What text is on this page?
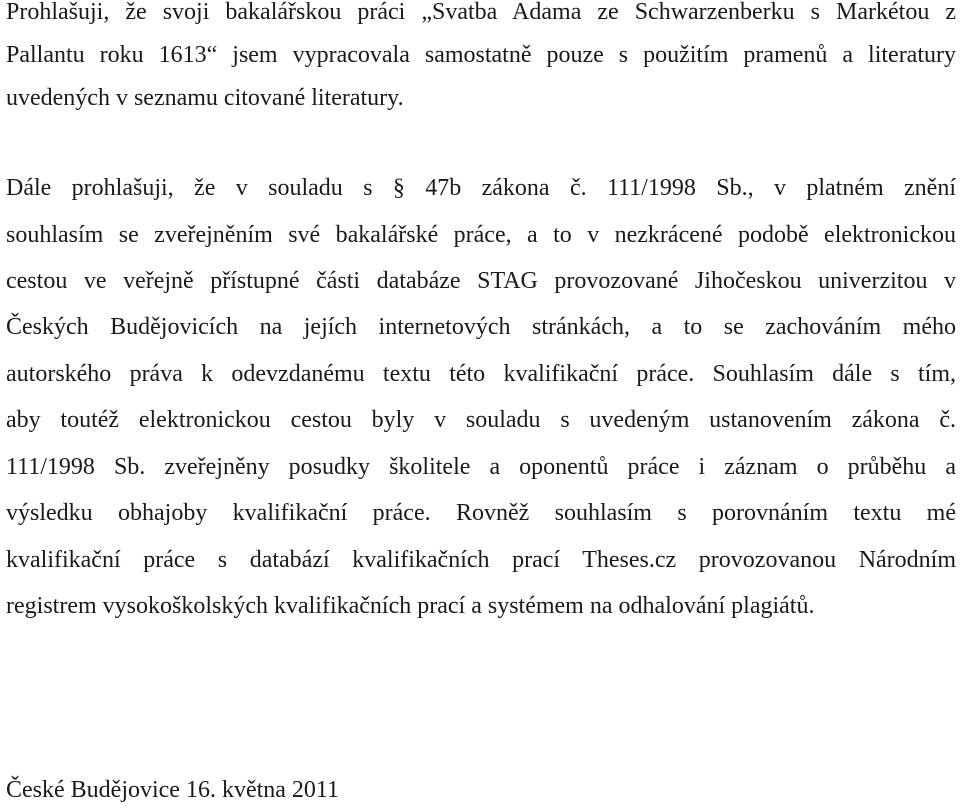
Prohlašuji, že svoji bakalářskou práci „Svatba Adama ze Schwarzenberku s Markétou z
Pallantu roku 1613“ jsem vypracovala samostatně pouze s použitím pramenů a literatury
uvedených v seznamu citované literatury.
Dále prohlašuji, že v souladu s § 47b zákona č. 111/1998 Sb., v platném znění
souhlasím se zveřejněním své bakalářské práce, a to v nezkrácené podobě elektronickou
cestou ve veřejně přístupné části databáze STAG provozované Jihočeskou univerzitou v
Českých Budějovicích na jejích internetových stránkách, a to se zachováním mého
autorského práva k odevzdanému textu této kvalifikační práce. Souhlasím dále s tím,
aby toutéž elektronickou cestou byly v souladu s uvedeným ustanovením zákona č.
111/1998 Sb. zveřejněny posudky školitele a oponentů práce i záznam o průběhu a
výsledku obhajoby kvalifikační práce. Rovněž souhlasím s porovnáním textu mé
kvalifikační práce s databází kvalifikačních prací Theses.cz provozovanou Národním
registrem vysokoškolských kvalifikačních prací a systémem na odhalování plagiátů.
České Budějovice 16. května 2011
